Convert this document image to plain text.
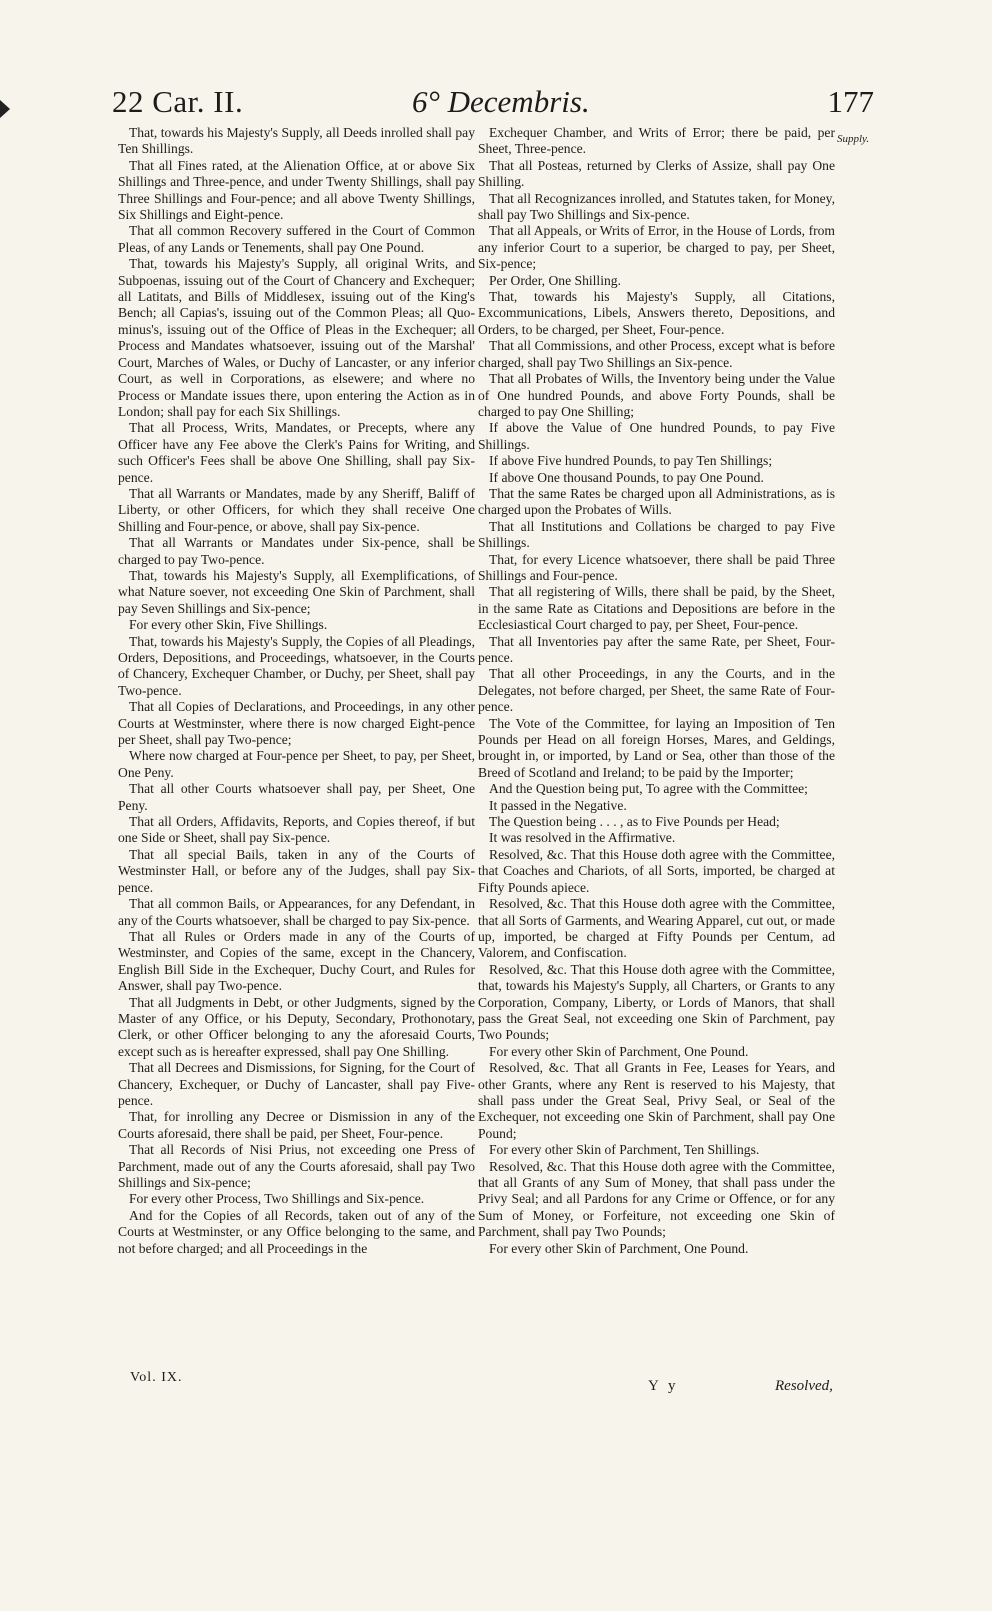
22 Car. II.	6° Decembris.	177
Supply.

That, towards his Majesty's Supply, all Deeds inrolled shall pay Ten Shillings.

That all Fines rated, at the Alienation Office, at or above Six Shillings and Three-pence, and under Twenty Shillings, shall pay Three Shillings and Four-pence; and all above Twenty Shillings, Six Shillings and Eight-pence.

That all common Recovery suffered in the Court of Common Pleas, of any Lands or Tenements, shall pay One Pound.

That, towards his Majesty's Supply, all original Writs, and Subpoenas, issuing out of the Court of Chancery and Exchequer; all Latitats, and Bills of Middlesex, issuing out of the King's Bench; all Capias's, issuing out of the Common Pleas; all Quo-minus's, issuing out of the Office of Pleas in the Exchequer; all Process and Mandates whatsoever, issuing out of the Marshal' Court, Marches of Wales, or Duchy of Lancaster, or any inferior Court, as well in Corporations, as elsewere; and where no Process or Mandate issues there, upon entering the Action as in London; shall pay for each Six Shillings.

That all Process, Writs, Mandates, or Precepts, where any Officer have any Fee above the Clerk's Pains for Writing, and such Officer's Fees shall be above One Shilling, shall pay Six-pence.

That all Warrants or Mandates, made by any Sheriff, Baliff of Liberty, or other Officers, for which they shall receive One Shilling and Four-pence, or above, shall pay Six-pence.

That all Warrants or Mandates under Six-pence, shall be charged to pay Two-pence.

That, towards his Majesty's Supply, all Exemplifications, of what Nature soever, not exceeding One Skin of Parchment, shall pay Seven Shillings and Six-pence;

For every other Skin, Five Shillings.

That, towards his Majesty's Supply, the Copies of all Pleadings, Orders, Depositions, and Proceedings, whatsoever, in the Courts of Chancery, Exchequer Chamber, or Duchy, per Sheet, shall pay Two-pence.

That all Copies of Declarations, and Proceedings, in any other Courts at Westminster, where there is now charged Eight-pence per Sheet, shall pay Two-pence;

Where now charged at Four-pence per Sheet, to pay, per Sheet, One Peny.

That all other Courts whatsoever shall pay, per Sheet, One Peny.

That all Orders, Affidavits, Reports, and Copies thereof, if but one Side or Sheet, shall pay Six-pence.

That all special Bails, taken in any of the Courts of Westminster Hall, or before any of the Judges, shall pay Six-pence.

That all common Bails, or Appearances, for any Defendant, in any of the Courts whatsoever, shall be charged to pay Six-pence.

That all Rules or Orders made in any of the Courts of Westminster, and Copies of the same, except in the Chancery, English Bill Side in the Exchequer, Duchy Court, and Rules for Answer, shall pay Two-pence.

That all Judgments in Debt, or other Judgments, signed by the Master of any Office, or his Deputy, Secondary, Prothonotary, Clerk, or other Officer belonging to any the aforesaid Courts, except such as is hereafter expressed, shall pay One Shilling.

That all Decrees and Dismissions, for Signing, for the Court of Chancery, Exchequer, or Duchy of Lancaster, shall pay Five-pence.

That, for inrolling any Decree or Dismission in any of the Courts aforesaid, there shall be paid, per Sheet, Four-pence.

That all Records of Nisi Prius, not exceeding one Press of Parchment, made out of any the Courts aforesaid, shall pay Two Shillings and Six-pence;

For every other Process, Two Shillings and Six-pence.

And for the Copies of all Records, taken out of any of the Courts at Westminster, or any Office belonging to the same, and not before charged; and all Proceedings in the

Exchequer Chamber, and Writs of Error; there be paid, per Sheet, Three-pence.

That all Posteas, returned by Clerks of Assize, shall pay One Shilling.

That all Recognizances inrolled, and Statutes taken, for Money, shall pay Two Shillings and Six-pence.

That all Appeals, or Writs of Error, in the House of Lords, from any inferior Court to a superior, be charged to pay, per Sheet, Six-pence;

Per Order, One Shilling.

That, towards his Majesty's Supply, all Citations, Excommunications, Libels, Answers thereto, Depositions, and Orders, to be charged, per Sheet, Four-pence.

That all Commissions, and other Process, except what is before charged, shall pay Two Shillings an Six-pence.

That all Probates of Wills, the Inventory being under the Value of One hundred Pounds, and above Forty Pounds, shall be charged to pay One Shilling;

If above the Value of One hundred Pounds, to pay Five Shillings.

If above Five hundred Pounds, to pay Ten Shillings;

If above One thousand Pounds, to pay One Pound.

That the same Rates be charged upon all Administrations, as is charged upon the Probates of Wills.

That all Institutions and Collations be charged to pay Five Shillings.

That, for every Licence whatsoever, there shall be paid Three Shillings and Four-pence.

That all registering of Wills, there shall be paid, by the Sheet, in the same Rate as Citations and Depositions are before in the Ecclesiastical Court charged to pay, per Sheet, Four-pence.

That all Inventories pay after the same Rate, per Sheet, Four-pence.

That all other Proceedings, in any the Courts, and in the Delegates, not before charged, per Sheet, the same Rate of Four-pence.

The Vote of the Committee, for laying an Imposition of Ten Pounds per Head on all foreign Horses, Mares, and Geldings, brought in, or imported, by Land or Sea, other than those of the Breed of Scotland and Ireland; to be paid by the Importer;

And the Question being put, To agree with the Committee;

It passed in the Negative.

The Question being . . . , as to Five Pounds per Head;

It was resolved in the Affirmative.

Resolved, &c. That this House doth agree with the Committee, that Coaches and Chariots, of all Sorts, imported, be charged at Fifty Pounds apiece.

Resolved, &c. That this House doth agree with the Committee, that all Sorts of Garments, and Wearing Apparel, cut out, or made up, imported, be charged at Fifty Pounds per Centum, ad Valorem, and Confiscation.

Resolved, &c. That this House doth agree with the Committee, that, towards his Majesty's Supply, all Charters, or Grants to any Corporation, Company, Liberty, or Lords of Manors, that shall pass the Great Seal, not exceeding one Skin of Parchment, pay Two Pounds;

For every other Skin of Parchment, One Pound.

Resolved, &c. That all Grants in Fee, Leases for Years, and other Grants, where any Rent is reserved to his Majesty, that shall pass under the Great Seal, Privy Seal, or Seal of the Exchequer, not exceeding one Skin of Parchment, shall pay One Pound;

For every other Skin of Parchment, Ten Shillings.

Resolved, &c. That this House doth agree with the Committee, that all Grants of any Sum of Money, that shall pass under the Privy Seal; and all Pardons for any Crime or Offence, or for any Sum of Money, or Forfeiture, not exceeding one Skin of Parchment, shall pay Two Pounds;

For every other Skin of Parchment, One Pound.

Vol. IX.
Y y	Resolved,
